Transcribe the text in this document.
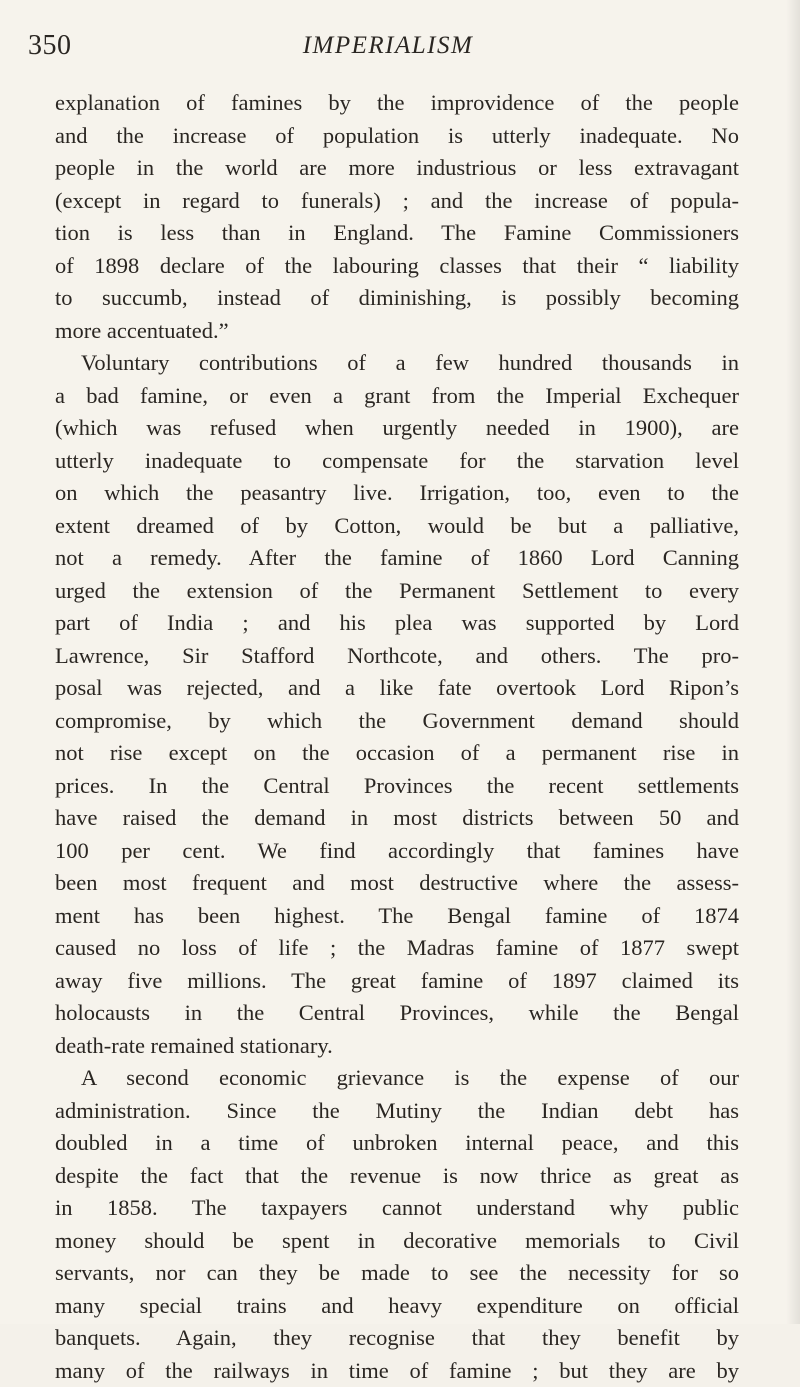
350	IMPERIALISM
explanation of famines by the improvidence of the people
and the increase of population is utterly inadequate. No
people in the world are more industrious or less extravagant
(except in regard to funerals) ; and the increase of popula-
tion is less than in England. The Famine Commissioners
of 1898 declare of the labouring classes that their “ liability
to succumb, instead of diminishing, is possibly becoming
more accentuated.”
Voluntary contributions of a few hundred thousands in
a bad famine, or even a grant from the Imperial Exchequer
(which was refused when urgently needed in 1900), are
utterly inadequate to compensate for the starvation level
on which the peasantry live. Irrigation, too, even to the
extent dreamed of by Cotton, would be but a palliative,
not a remedy. After the famine of 1860 Lord Canning
urged the extension of the Permanent Settlement to every
part of India ; and his plea was supported by Lord
Lawrence, Sir Stafford Northcote, and others. The pro-
posal was rejected, and a like fate overtook Lord Ripon’s
compromise, by which the Government demand should
not rise except on the occasion of a permanent rise in
prices. In the Central Provinces the recent settlements
have raised the demand in most districts between 50 and
100 per cent. We find accordingly that famines have
been most frequent and most destructive where the assess-
ment has been highest. The Bengal famine of 1874
caused no loss of life ; the Madras famine of 1877 swept
away five millions. The great famine of 1897 claimed its
holocausts in the Central Provinces, while the Bengal
death-rate remained stationary.
A second economic grievance is the expense of our
administration. Since the Mutiny the Indian debt has
doubled in a time of unbroken internal peace, and this
despite the fact that the revenue is now thrice as great as
in 1858. The taxpayers cannot understand why public
money should be spent in decorative memorials to Civil
servants, nor can they be made to see the necessity for so
many special trains and heavy expenditure on official
banquets. Again, they recognise that they benefit by
many of the railways in time of famine ; but they are by
